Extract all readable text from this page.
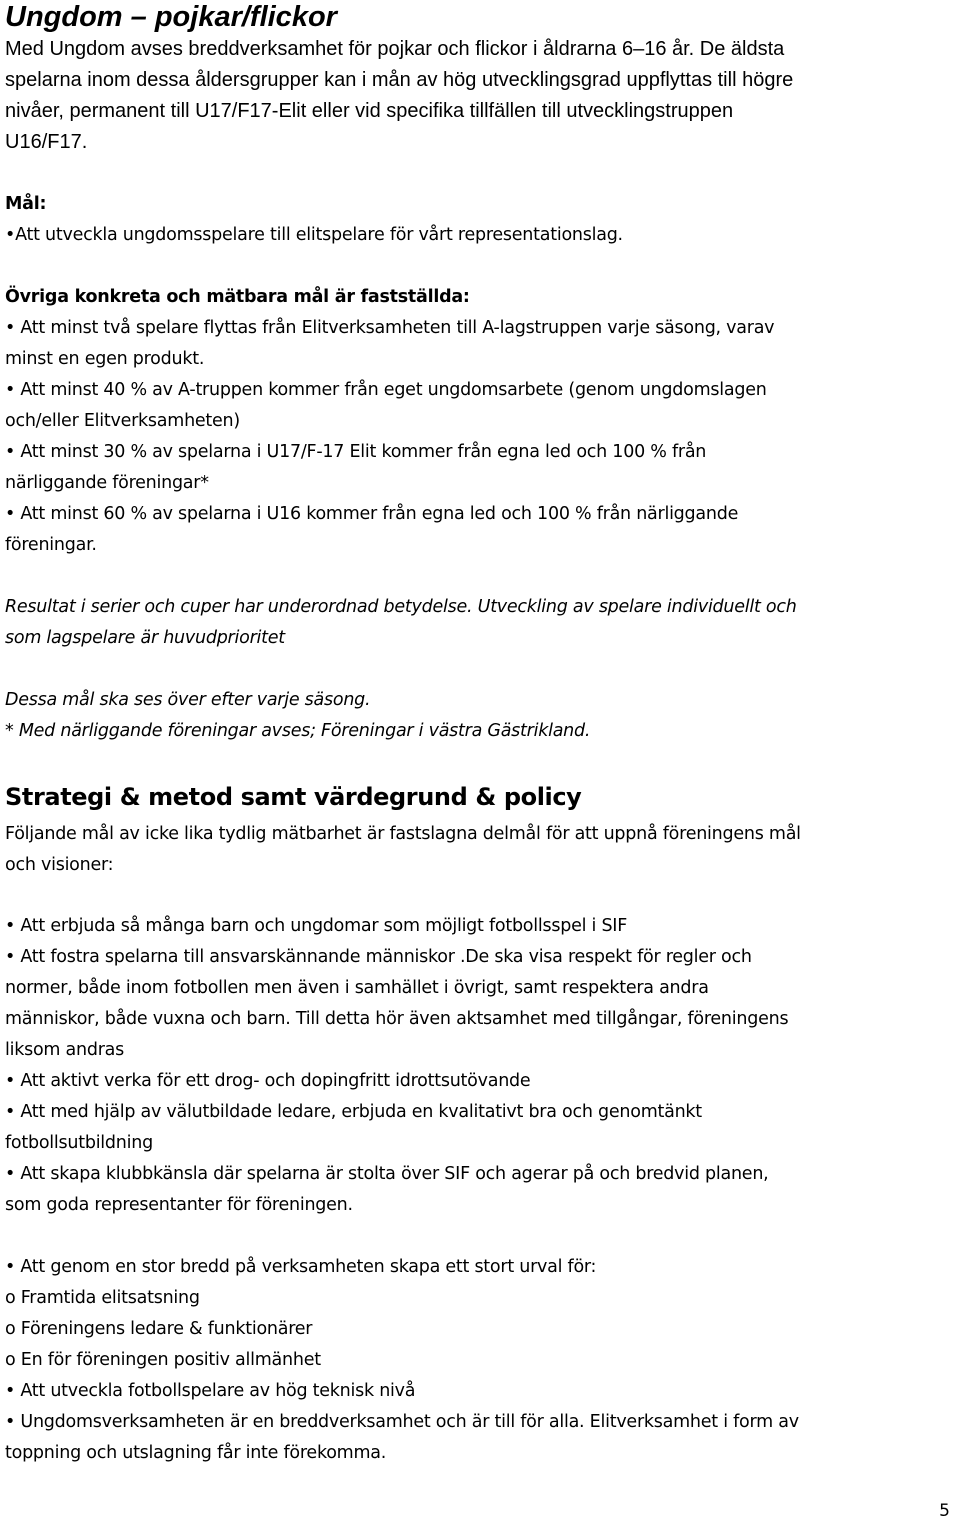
Ungdom – pojkar/flickor
Med Ungdom avses breddverksamhet för pojkar och flickor i åldrarna 6–16 år. De äldsta
spelarna inom dessa åldersgrupper kan i mån av hög utvecklingsgrad uppflyttas till högre
nivåer, permanent till U17/F17-Elit eller vid specifika tillfällen till utvecklingstruppen
U16/F17.
Mål:
•Att utveckla ungdomsspelare till elitspelare för vårt representationslag.
Övriga konkreta och mätbara mål är fastställda:
• Att minst två spelare flyttas från Elitverksamheten till A-lagstruppen varje säsong, varav
minst en egen produkt.
• Att minst 40 % av A-truppen kommer från eget ungdomsarbete (genom ungdomslagen
och/eller Elitverksamheten)
• Att minst 30 % av spelarna i U17/F-17 Elit kommer från egna led och 100 % från
närliggande föreningar*
• Att minst 60 % av spelarna i U16 kommer från egna led och 100 % från närliggande
föreningar.
Resultat i serier och cuper har underordnad betydelse. Utveckling av spelare individuellt och
som lagspelare är huvudprioritet
Dessa mål ska ses över efter varje säsong.
* Med närliggande föreningar avses; Föreningar i västra Gästrikland.
Strategi & metod samt värdegrund & policy
Följande mål av icke lika tydlig mätbarhet är fastslagna delmål för att uppnå föreningens mål
och visioner:
• Att erbjuda så många barn och ungdomar som möjligt fotbollsspel i SIF
• Att fostra spelarna till ansvarskännande människor .De ska visa respekt för regler och
normer, både inom fotbollen men även i samhället i övrigt, samt respektera andra
människor, både vuxna och barn. Till detta hör även aktsamhet med tillgångar, föreningens
liksom andras
• Att aktivt verka för ett drog- och dopingfritt idrottsutövande
• Att med hjälp av välutbildade ledare, erbjuda en kvalitativt bra och genomtänkt
fotbollsutbildning
• Att skapa klubbkänsla där spelarna är stolta över SIF och agerar på och bredvid planen,
som goda representanter för föreningen.
• Att genom en stor bredd på verksamheten skapa ett stort urval för:
o Framtida elitsatsning
o Föreningens ledare & funktionärer
o En för föreningen positiv allmänhet
• Att utveckla fotbollspelare av hög teknisk nivå
• Ungdomsverksamheten är en breddverksamhet och är till för alla. Elitverksamhet i form av
toppning och utslagning får inte förekomma.
5
